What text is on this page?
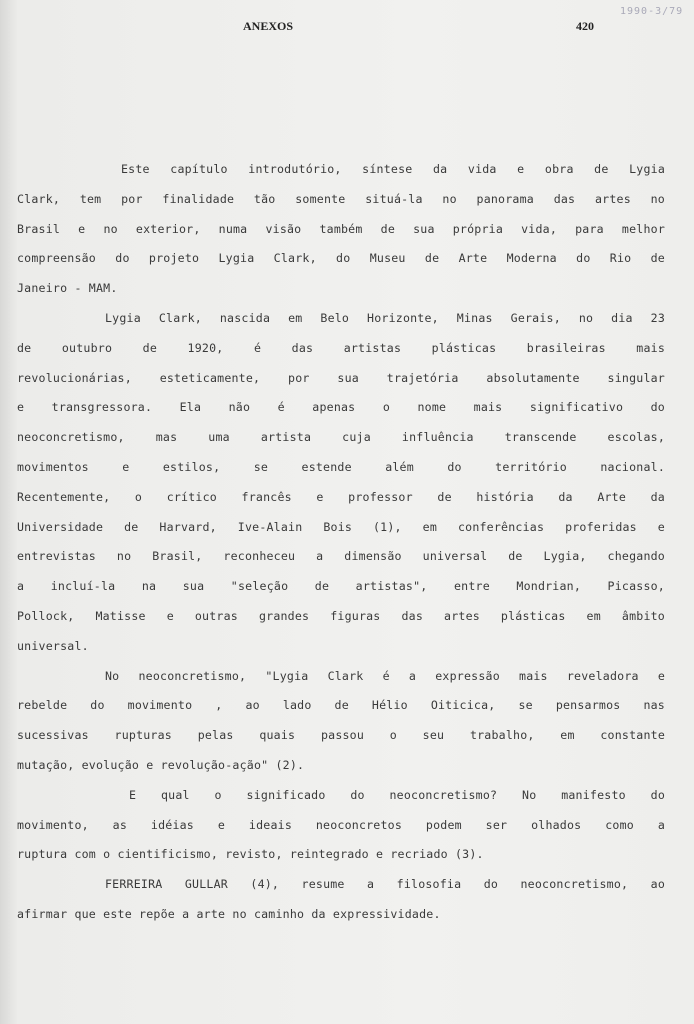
ANEXOS	420
1990-3/79
Este capítulo introdutório, síntese da vida e obra de Lygia
Clark, tem por finalidade tão somente situá-la no panorama das artes no
Brasil e no exterior, numa visão também de sua própria vida, para melhor
compreensão do projeto Lygia Clark, do Museu de Arte Moderna do Rio de
Janeiro - MAM.
Lygia Clark, nascida em Belo Horizonte, Minas Gerais, no dia 23
de outubro de 1920, é das artistas plásticas brasileiras mais
revolucionárias, esteticamente, por sua trajetória absolutamente singular
e transgressora. Ela não é apenas o nome mais significativo do
neoconcretismo, mas uma artista cuja influência transcende escolas,
movimentos e estilos, se estende além do território nacional.
Recentemente, o crítico francês e professor de história da Arte da
Universidade de Harvard, Ive-Alain Bois (1), em conferências proferidas e
entrevistas no Brasil, reconheceu a dimensão universal de Lygia, chegando
a incluí-la na sua "seleção de artistas", entre Mondrian, Picasso,
Pollock, Matisse e outras grandes figuras das artes plásticas em âmbito
universal.
No neoconcretismo, "Lygia Clark é a expressão mais reveladora e
rebelde do movimento , ao lado de Hélio Oiticica, se pensarmos nas
sucessivas rupturas pelas quais passou o seu trabalho, em constante
mutação, evolução e revolução-ação" (2).
E qual o significado do neoconcretismo? No manifesto do
movimento, as idéias e ideais neoconcretos podem ser olhados como a
ruptura com o cientificismo, revisto, reintegrado e recriado (3).
FERREIRA GULLAR (4), resume a filosofia do neoconcretismo, ao
afirmar que este repõe a arte no caminho da expressividade.
